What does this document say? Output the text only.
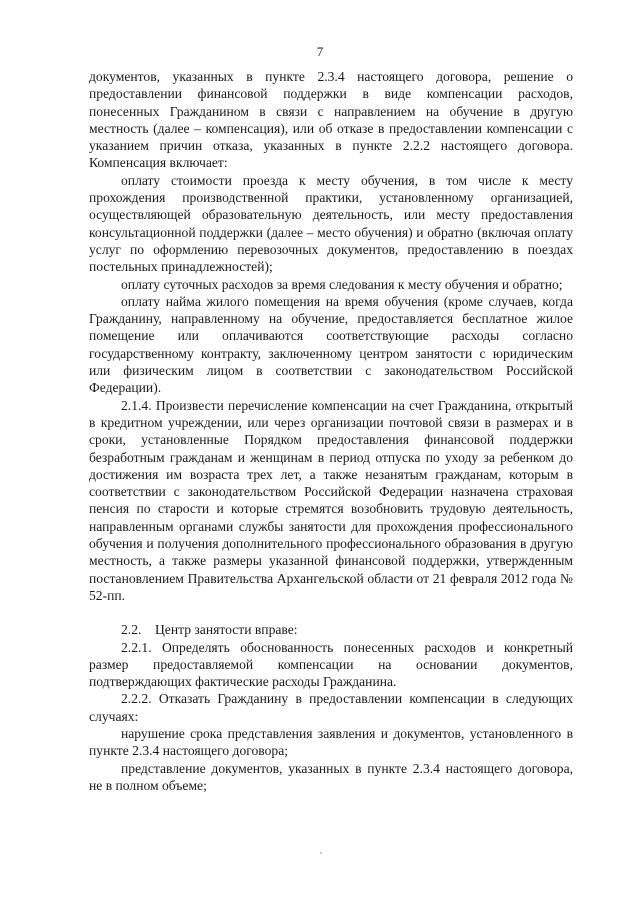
7

документов, указанных в пункте 2.3.4 настоящего договора, решение о предоставлении финансовой поддержки в виде компенсации расходов, понесенных Гражданином в связи с направлением на обучение в другую местность (далее – компенсация), или об отказе в предоставлении компенсации с указанием причин отказа, указанных в пункте 2.2.2 настоящего договора. Компенсация включает:

оплату стоимости проезда к месту обучения, в том числе к месту прохождения производственной практики, установленному организацией, осуществляющей образовательную деятельность, или месту предоставления консультационной поддержки (далее – место обучения) и обратно (включая оплату услуг по оформлению перевозочных документов, предоставлению в поездах постельных принадлежностей);

оплату суточных расходов за время следования к месту обучения и обратно;

оплату найма жилого помещения на время обучения (кроме случаев, когда Гражданину, направленному на обучение, предоставляется бесплатное жилое помещение или оплачиваются соответствующие расходы согласно государственному контракту, заключенному центром занятости с юридическим или физическим лицом в соответствии с законодательством Российской Федерации).

2.1.4. Произвести перечисление компенсации на счет Гражданина, открытый в кредитном учреждении, или через организации почтовой связи в размерах и в сроки, установленные Порядком предоставления финансовой поддержки безработным гражданам и женщинам в период отпуска по уходу за ребенком до достижения им возраста трех лет, а также незанятым гражданам, которым в соответствии с законодательством Российской Федерации назначена страховая пенсия по старости и которые стремятся возобновить трудовую деятельность, направленным органами службы занятости для прохождения профессионального обучения и получения дополнительного профессионального образования в другую местность, а также размеры указанной финансовой поддержки, утвержденным постановлением Правительства Архангельской области от 21 февраля 2012 года № 52-пп.

2.2.    Центр занятости вправе:

2.2.1. Определять обоснованность понесенных расходов и конкретный размер предоставляемой компенсации на основании документов, подтверждающих фактические расходы Гражданина.

2.2.2. Отказать Гражданину в предоставлении компенсации в следующих случаях:

нарушение срока представления заявления и документов, установленного в пункте 2.3.4 настоящего договора;

представление документов, указанных в пункте 2.3.4 настоящего договора, не в полном объеме;
